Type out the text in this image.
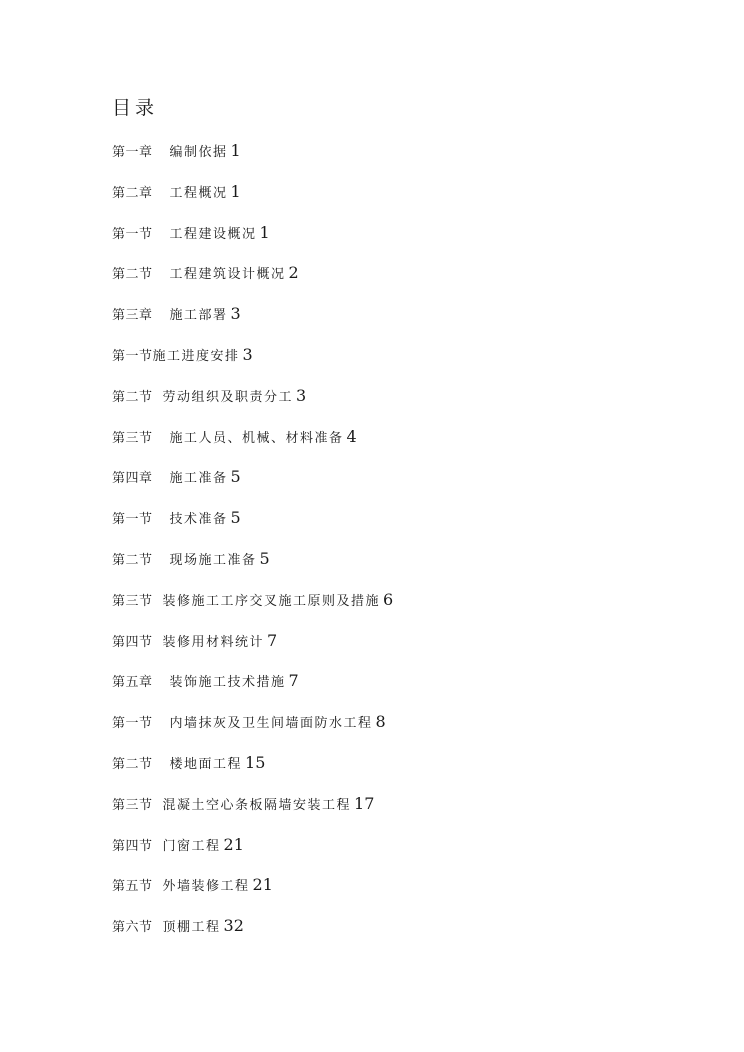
目录
第一章 编制依据 1
第二章 工程概况 1
第一节 工程建设概况 1
第二节 工程建筑设计概况 2
第三章 施工部署 3
第一节施工进度安排 3
第二节 劳动组织及职责分工 3
第三节 施工人员、机械、材料准备 4
第四章 施工准备 5
第一节 技术准备 5
第二节 现场施工准备 5
第三节 装修施工工序交叉施工原则及措施 6
第四节 装修用材料统计 7
第五章 装饰施工技术措施 7
第一节 内墙抹灰及卫生间墙面防水工程 8
第二节 楼地面工程 15
第三节 混凝土空心条板隔墙安装工程 17
第四节 门窗工程 21
第五节 外墙装修工程 21
第六节 顶棚工程 32
